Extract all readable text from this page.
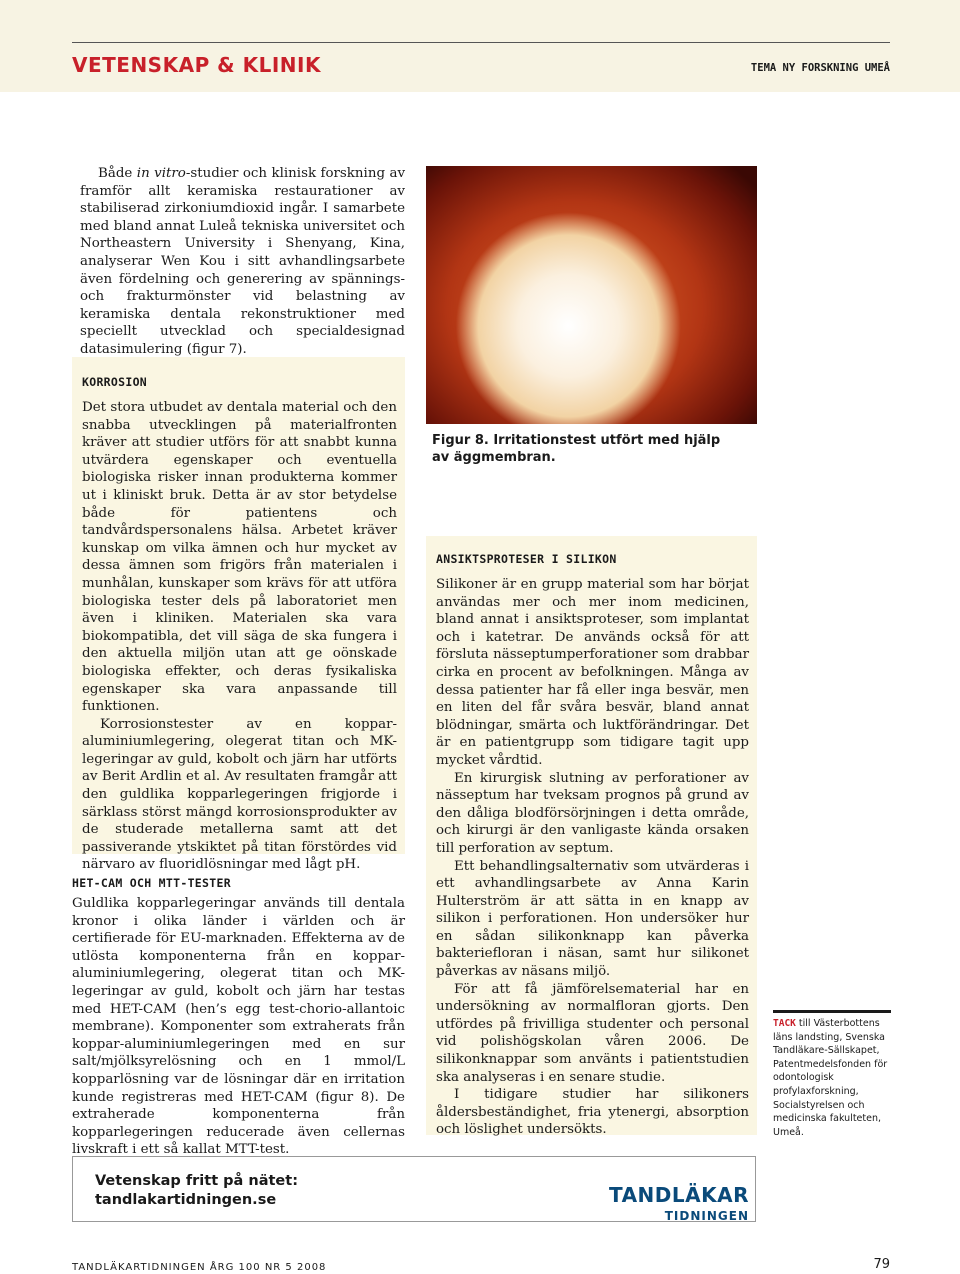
VETENSKAP & KLINIK	TEMA NY FORSKNING UMEÅ

Både in vitro-studier och klinisk forskning av framför allt keramiska restaurationer av stabiliserad zirkoniumdioxid ingår. I samarbete med bland annat Luleå tekniska universitet och Northeastern University i Shenyang, Kina, analyserar Wen Kou i sitt avhandlingsarbete även fördelning och generering av spännings- och frakturmönster vid belastning av keramiska dentala rekonstruktioner med speciellt utvecklad och specialdesignad datasimulering (figur 7).

KORROSION

Det stora utbudet av dentala material och den snabba utvecklingen på materialfronten kräver att studier utförs för att snabbt kunna utvärdera egenskaper och eventuella biologiska risker innan produkterna kommer ut i kliniskt bruk. Detta är av stor betydelse både för patientens och tandvårdspersonalens hälsa. Arbetet kräver kunskap om vilka ämnen och hur mycket av dessa ämnen som frigörs från materialen i munhålan, kunskaper som krävs för att utföra biologiska tester dels på laboratoriet men även i kliniken. Materialen ska vara biokompatibla, det vill säga de ska fungera i den aktuella miljön utan att ge oönskade biologiska effekter, och deras fysikaliska egenskaper ska vara anpassande till funktionen.

Korrosionstester av en koppar-aluminiumlegering, olegerat titan och MK-legeringar av guld, kobolt och järn har utförts av Berit Ardlin et al. Av resultaten framgår att den guldlika kopparlegeringen frigjorde i särklass störst mängd korrosionsprodukter av de studerade metallerna samt att det passiverande ytskiktet på titan förstördes vid närvaro av fluoridlösningar med lågt pH.

HET-CAM OCH MTT-TESTER

Guldlika kopparlegeringar används till dentala kronor i olika länder i världen och är certifierade för EU-marknaden. Effekterna av de utlösta komponenterna från en koppar-aluminiumlegering, olegerat titan och MK-legeringar av guld, kobolt och järn har testas med HET-CAM (hen’s egg test-chorio-allantoic membrane). Komponenter som extraherats från koppar-aluminiumlegeringen med en sur salt/mjölksyrelösning och en 1 mmol/L kopparlösning var de lösningar där en irritation kunde registreras med HET-CAM (figur 8). De extraherade komponenterna från kopparlegeringen reducerade även cellernas livskraft i ett så kallat MTT-test.

Figur 8. Irritationstest utfört med hjälp av äggmembran.
ANSIKTSPROTESER I SILIKON

Silikoner är en grupp material som har börjat användas mer och mer inom medicinen, bland annat i ansiktsproteser, som implantat och i katetrar. De används också för att försluta nässeptumperforationer som drabbar cirka en procent av befolkningen. Många av dessa patienter har få eller inga besvär, men en liten del får svåra besvär, bland annat blödningar, smärta och luktförändringar. Det är en patientgrupp som tidigare tagit upp mycket vårdtid.

En kirurgisk slutning av perforationer av nässeptum har tveksam prognos på grund av den dåliga blodförsörjningen i detta område, och kirurgi är den vanligaste kända orsaken till perforation av septum.

Ett behandlingsalternativ som utvärderas i ett avhandlingsarbete av Anna Karin Hulterström är att sätta in en knapp av silikon i perforationen. Hon undersöker hur en sådan silikonknapp kan påverka bakteriefloran i näsan, samt hur silikonet påverkas av näsans miljö.

För att få jämförelsematerial har en undersökning av normalfloran gjorts. Den utfördes på frivilliga studenter och personal vid polishögskolan våren 2006. De silikonknappar som använts i patientstudien ska analyseras i en senare studie.

I tidigare studier har silikoners åldersbeständighet, fria ytenergi, absorption och löslighet undersökts.

TACK till Västerbottens läns landsting, Svenska Tandläkare-Sällskapet, Patentmedelsfonden för odontologisk profylaxforskning, Socialstyrelsen och medicinska fakulteten, Umeå.
Vetenskap fritt på nätet:
tandlakartidningen.se	TANDLÄKAR
TIDNINGEN
TANDLÄKARTIDNINGEN ÅRG 100 NR 5 2008	79
